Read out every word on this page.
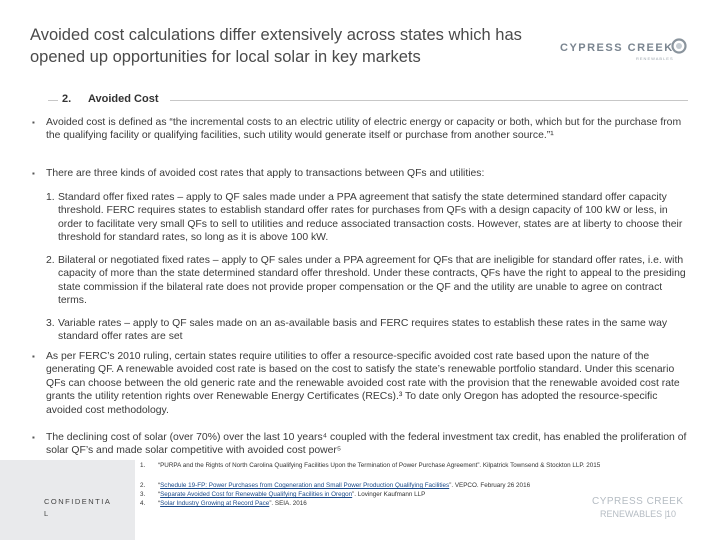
Avoided cost calculations differ extensively across states which has opened up opportunities for local solar in key markets	CYPRESS CREEK
RENEWABLES
2. Avoided Cost
▪ Avoided cost is defined as “the incremental costs to an electric utility of electric energy or capacity or both, which but for the purchase from the qualifying facility or qualifying facilities, such utility would generate itself or purchase from another source.”¹
▪ There are three kinds of avoided cost rates that apply to transactions between QFs and utilities:
1. Standard offer fixed rates – apply to QF sales made under a PPA agreement that satisfy the state determined standard offer capacity threshold. FERC requires states to establish standard offer rates for purchases from QFs with a design capacity of 100 kW or less, in order to facilitate very small QFs to sell to utilities and reduce associated transaction costs. However, states are at liberty to choose their threshold for standard rates, so long as it is above 100 kW.
2. Bilateral or negotiated fixed rates – apply to QF sales under a PPA agreement for QFs that are ineligible for standard offer rates, i.e. with capacity of more than the state determined standard offer threshold. Under these contracts, QFs have the right to appeal to the presiding state commission if the bilateral rate does not provide proper compensation or the QF and the utility are unable to agree on contract terms.
3. Variable rates – apply to QF sales made on an as-available basis and FERC requires states to establish these rates in the same way standard offer rates are set
▪ As per FERC’s 2010 ruling, certain states require utilities to offer a resource-specific avoided cost rate based upon the nature of the generating QF. A renewable avoided cost rate is based on the cost to satisfy the state’s renewable portfolio standard. Under this scenario QFs can choose between the old generic rate and the renewable avoided cost rate with the provision that the renewable avoided cost rate grants the utility retention rights over Renewable Energy Certificates (RECs).³ To date only Oregon has adopted the resource-specific avoided cost methodology.
▪ The declining cost of solar (over 70%) over the last 10 years⁴ coupled with the federal investment tax credit, has enabled the proliferation of solar QF’s and made solar competitive with avoided cost power⁵
CONFIDENTIAL
1. “PURPA and the Rights of North Carolina Qualifying Facilities Upon the Termination of Power Purchase Agreement”. Kilpatrick Townsend & Stockton LLP. 2015
2. “Schedule 19-FP: Power Purchases from Cogeneration and Small Power Production Qualifying Facilities”. VEPCO. February 26 2016
3. “Separate Avoided Cost for Renewable Qualifying Facilities in Oregon”. Lovinger Kaufmann LLP
4. “Solar Industry Growing at Record Pace”. SEIA. 2016	CYPRESS CREEK
RENEWABLES |
10
